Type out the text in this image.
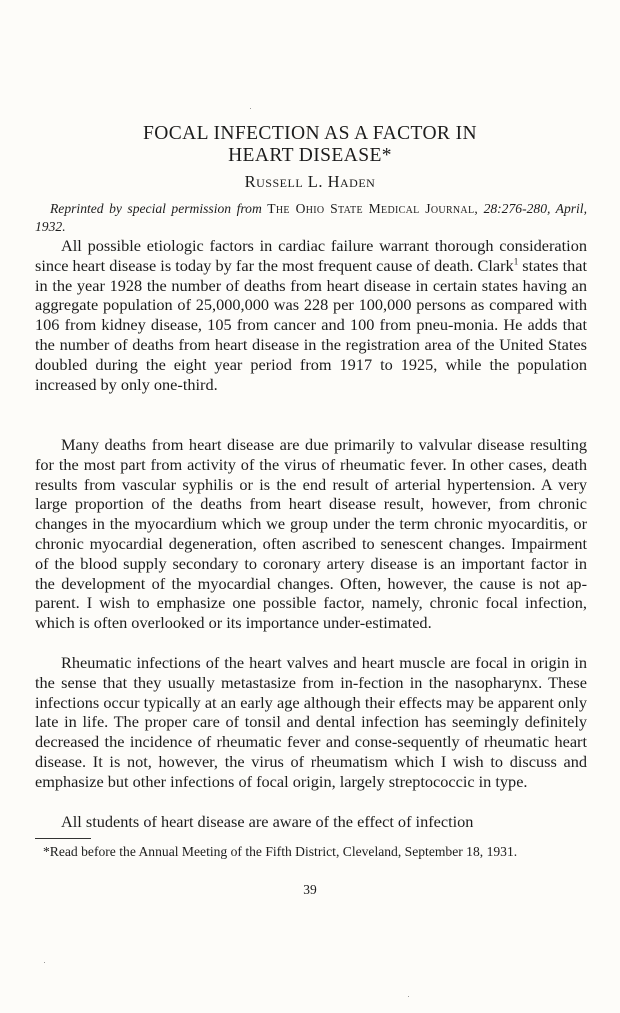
FOCAL INFECTION AS A FACTOR IN
HEART DISEASE*
Russell L. Haden

Reprinted by special permission from The Ohio State Medical Journal, 28:276-280, April, 1932.

All possible etiologic factors in cardiac failure warrant thorough consideration since heart disease is today by far the most frequent cause of death. Clark$^1$ states that in the year 1928 the number of deaths from heart disease in certain states having an aggregate population of 25,000,000 was 228 per 100,000 persons as compared with 106 from kidney disease, 105 from cancer and 100 from pneu-monia. He adds that the number of deaths from heart disease in the registration area of the United States doubled during the eight year period from 1917 to 1925, while the population increased by only one-third.

Many deaths from heart disease are due primarily to valvular disease resulting for the most part from activity of the virus of rheumatic fever. In other cases, death results from vascular syphilis or is the end result of arterial hypertension. A very large proportion of the deaths from heart disease result, however, from chronic changes in the myocardium which we group under the term chronic myocarditis, or chronic myocardial degeneration, often ascribed to senescent changes. Impairment of the blood supply secondary to coronary artery disease is an important factor in the development of the myocardial changes. Often, however, the cause is not ap-parent. I wish to emphasize one possible factor, namely, chronic focal infection, which is often overlooked or its importance under-estimated.

Rheumatic infections of the heart valves and heart muscle are focal in origin in the sense that they usually metastasize from in-fection in the nasopharynx. These infections occur typically at an early age although their effects may be apparent only late in life. The proper care of tonsil and dental infection has seemingly definitely decreased the incidence of rheumatic fever and conse-sequently of rheumatic heart disease. It is not, however, the virus of rheumatism which I wish to discuss and emphasize but other infections of focal origin, largely streptococcic in type.

All students of heart disease are aware of the effect of infection

*Read before the Annual Meeting of the Fifth District, Cleveland, September 18, 1931.

39
